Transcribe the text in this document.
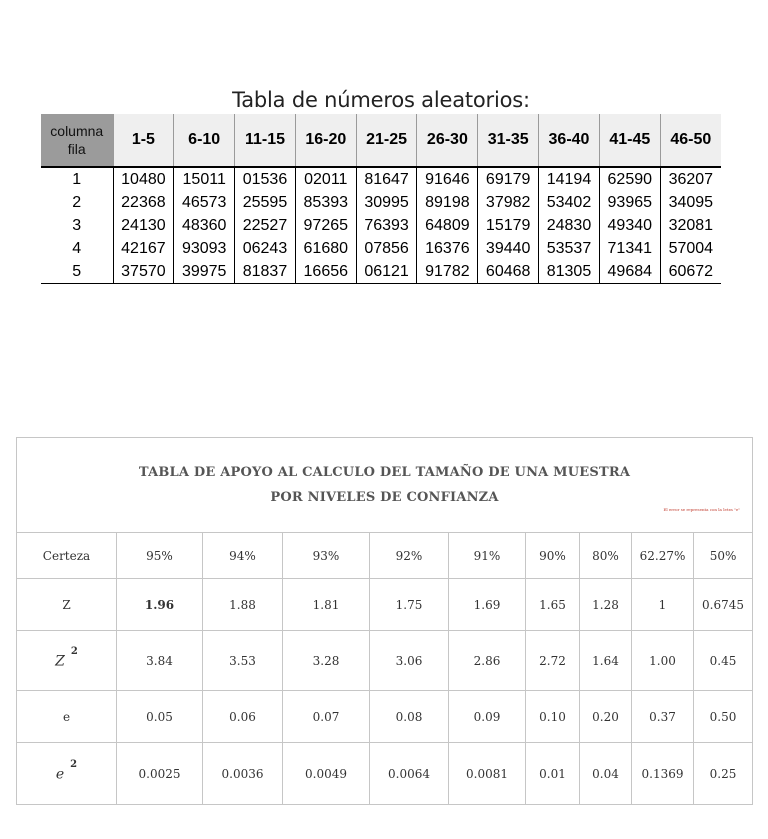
Tabla de números aleatorios:
columna
fila	1-5	6-10	11-15	16-20	21-25	26-30	31-35	36-40	41-45	46-50
1	10480	15011	01536	02011	81647	91646	69179	14194	62590	36207
2	22368	46573	25595	85393	30995	89198	37982	53402	93965	34095
3	24130	48360	22527	97265	76393	64809	15179	24830	49340	32081
4	42167	93093	06243	61680	07856	16376	39440	53537	71341	57004
5	37570	39975	81837	16656	06121	91782	60468	81305	49684	60672
TABLA DE APOYO AL CALCULO DEL TAMAÑO DE UNA MUESTRA
POR NIVELES DE CONFIANZA
El error se representa con la letra "e"									

Certeza	95%	94%	93%	92%	91%	90%	80%	62.27%	50%
Z	1.96	1.88	1.81	1.75	1.69	1.65	1.28	1	0.6745
$Z^2$	3.84	3.53	3.28	3.06	2.86	2.72	1.64	1.00	0.45
e	0.05	0.06	0.07	0.08	0.09	0.10	0.20	0.37	0.50
$e^2$	0.0025	0.0036	0.0049	0.0064	0.0081	0.01	0.04	0.1369	0.25
